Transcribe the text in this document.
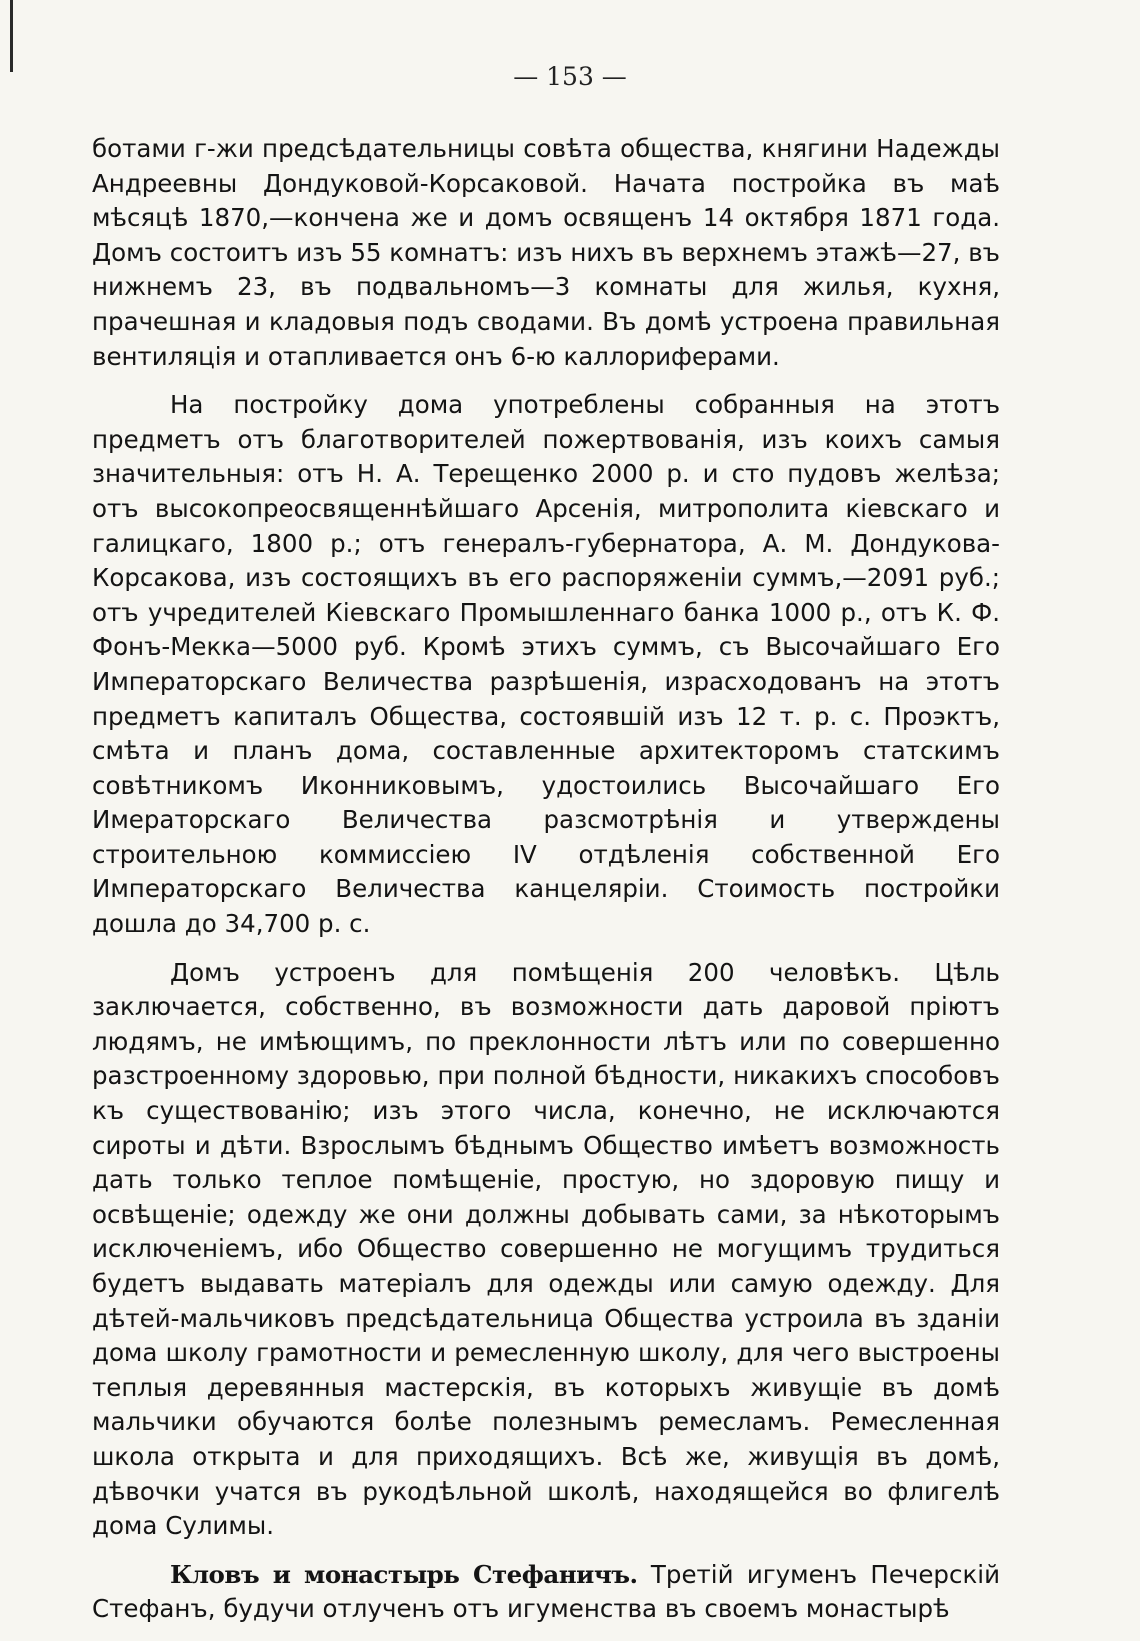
— 153 —

ботами г-жи предсѣдательницы совѣта общества, княгини Надежды Андреевны Дондуковой-Корсаковой. Начата постройка въ маѣ мѣсяцѣ 1870,—кончена же и домъ освященъ 14 октября 1871 года. Домъ состоитъ изъ 55 комнатъ: изъ нихъ въ верхнемъ этажѣ—27, въ нижнемъ 23, въ подвальномъ—3 комнаты для жилья, кухня, прачешная и кладовыя подъ сводами. Въ домѣ устроена правильная вентиляція и отапливается онъ 6-ю каллориферами.

На постройку дома употреблены собранныя на этотъ предметъ отъ благотворителей пожертвованія, изъ коихъ самыя значительныя: отъ Н. А. Терещенко 2000 р. и сто пудовъ желѣза; отъ высокопреосвященнѣйшаго Арсенія, митрополита кіевскаго и галицкаго, 1800 р.; отъ генералъ-губернатора, А. М. Дондукова-Корсакова, изъ состоящихъ въ его распоряженіи суммъ,—2091 руб.; отъ учредителей Кіевскаго Промышленнаго банка 1000 р., отъ К. Ф. Фонъ-Мекка—5000 руб. Кромѣ этихъ суммъ, съ Высочайшаго Его Императорскаго Величества разрѣшенія, израсходованъ на этотъ предметъ капиталъ Общества, состоявшій изъ 12 т. р. с. Проэктъ, смѣта и планъ дома, составленные архитекторомъ статскимъ совѣтникомъ Иконниковымъ, удостоились Высочайшаго Его Имераторскаго Величества разсмотрѣнія и утверждены строительною коммиссіею IV отдѣленія собственной Его Императорскаго Величества канцеляріи. Стоимость постройки дошла до 34,700 р. с.

Домъ устроенъ для помѣщенія 200 человѣкъ. Цѣль заключается, собственно, въ возможности дать даровой пріютъ людямъ, не имѣющимъ, по преклонности лѣтъ или по совершенно разстроенному здоровью, при полной бѣдности, никакихъ способовъ къ существованію; изъ этого числа, конечно, не исключаются сироты и дѣти. Взрослымъ бѣднымъ Общество имѣетъ возможность дать только теплое помѣщеніе, простую, но здоровую пищу и освѣщеніе; одежду же они должны добывать сами, за нѣкоторымъ исключеніемъ, ибо Общество совершенно не могущимъ трудиться будетъ выдавать матеріалъ для одежды или самую одежду. Для дѣтей-мальчиковъ предсѣдательница Общества устроила въ зданіи дома школу грамотности и ремесленную школу, для чего выстроены теплыя деревянныя мастерскія, въ которыхъ живущіе въ домѣ мальчики обучаются болѣе полезнымъ ремесламъ. Ремесленная школа открыта и для приходящихъ. Всѣ же, живущія въ домѣ, дѣвочки учатся въ рукодѣльной школѣ, находящейся во флигелѣ дома Сулимы.

Кловъ и монастырь Стефаничъ. Третій игуменъ Печерскій Стефанъ, будучи отлученъ отъ игуменства въ своемъ монастырѣ
